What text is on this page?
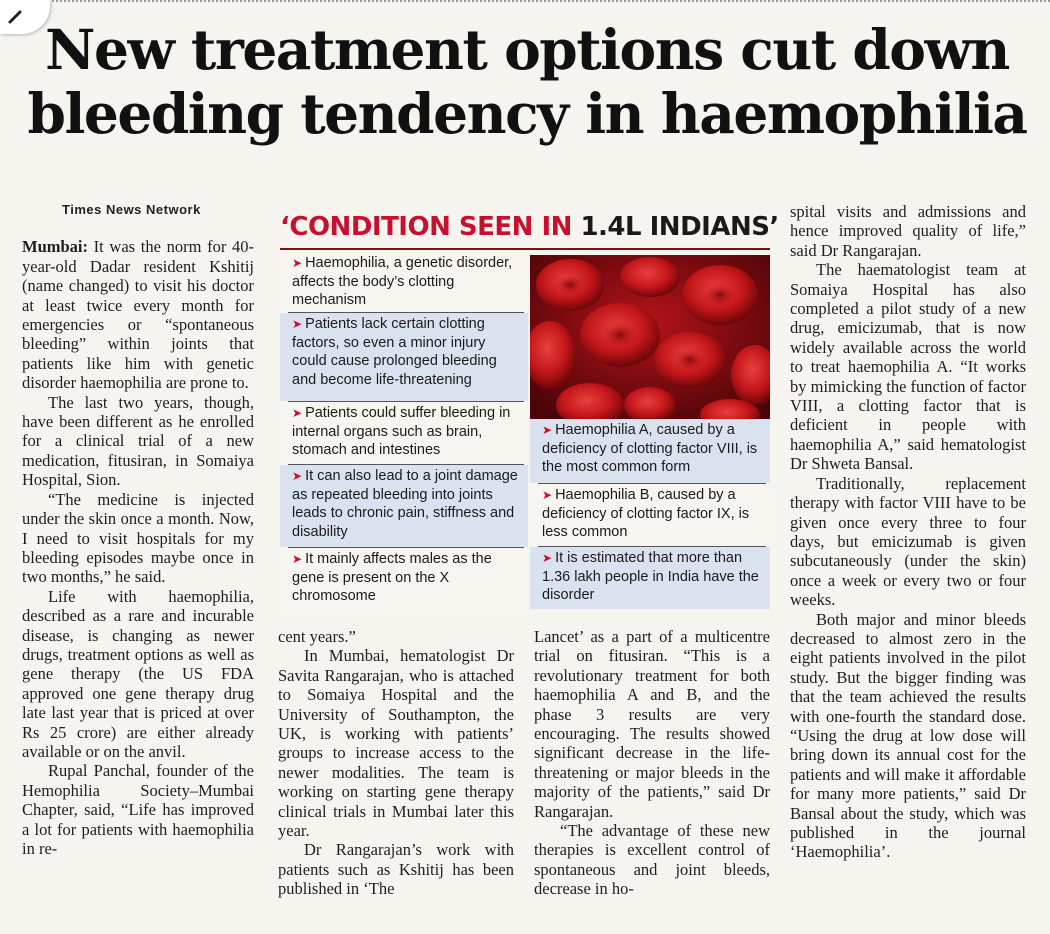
New treatment options cut down bleeding tendency in haemophilia
Times News Network

Mumbai: It was the norm for 40-year-old Dadar resident Kshitij (name changed) to visit his doctor at least twice every month for emergencies or “spontaneous bleeding” within joints that patients like him with genetic disorder haemophilia are prone to.

The last two years, though, have been different as he enrolled for a clinical trial of a new medication, fitusiran, in Somaiya Hospital, Sion.

“The medicine is injected under the skin once a month. Now, I need to visit hospitals for my bleeding episodes maybe once in two months,” he said.

Life with haemophilia, described as a rare and incurable disease, is changing as newer drugs, treatment options as well as gene therapy (the US FDA approved one gene therapy drug late last year that is priced at over Rs 25 crore) are either already available or on the anvil.

Rupal Panchal, founder of the Hemophilia Society–Mumbai Chapter, said, “Life has improved a lot for patients with haemophilia in re-

‘CONDITION SEEN IN 1.4L INDIANS’
➤ Haemophilia, a genetic disorder, affects the body’s clotting mechanism
➤ Patients lack certain clotting factors, so even a minor injury could cause prolonged bleeding and become life-threatening
➤ Patients could suffer bleeding in internal organs such as brain, stomach and intestines
➤ It can also lead to a joint damage as repeated bleeding into joints leads to chronic pain, stiffness and disability
➤ It mainly affects males as the gene is present on the X chromosome
➤ Haemophilia A, caused by a deficiency of clotting factor VIII, is the most common form
➤ Haemophilia B, caused by a deficiency of clotting factor IX, is less common
➤ It is estimated that more than 1.36 lakh people in India have the disorder

cent years.”

In Mumbai, hematologist Dr Savita Rangarajan, who is attached to Somaiya Hospital and the University of Southampton, the UK, is working with patients’ groups to increase access to the newer modalities. The team is working on starting gene therapy clinical trials in Mumbai later this year.

Dr Rangarajan’s work with patients such as Kshitij has been published in ‘The

Lancet’ as a part of a multicentre trial on fitusiran. “This is a revolutionary treatment for both haemophilia A and B, and the phase 3 results are very encouraging. The results showed significant decrease in the life-threatening or major bleeds in the majority of the patients,” said Dr Rangarajan.

“The advantage of these new therapies is excellent control of spontaneous and joint bleeds, decrease in ho-

spital visits and admissions and hence improved quality of life,” said Dr Rangarajan.

The haematologist team at Somaiya Hospital has also completed a pilot study of a new drug, emicizumab, that is now widely available across the world to treat haemophilia A. “It works by mimicking the function of factor VIII, a clotting factor that is deficient in people with haemophilia A,” said hematologist Dr Shweta Bansal.

Traditionally, replacement therapy with factor VIII have to be given once every three to four days, but emicizumab is given subcutaneously (under the skin) once a week or every two or four weeks.

Both major and minor bleeds decreased to almost zero in the eight patients involved in the pilot study. But the bigger finding was that the team achieved the results with one-fourth the standard dose. “Using the drug at low dose will bring down its annual cost for the patients and will make it affordable for many more patients,” said Dr Bansal about the study, which was published in the journal ‘Haemophilia’.
